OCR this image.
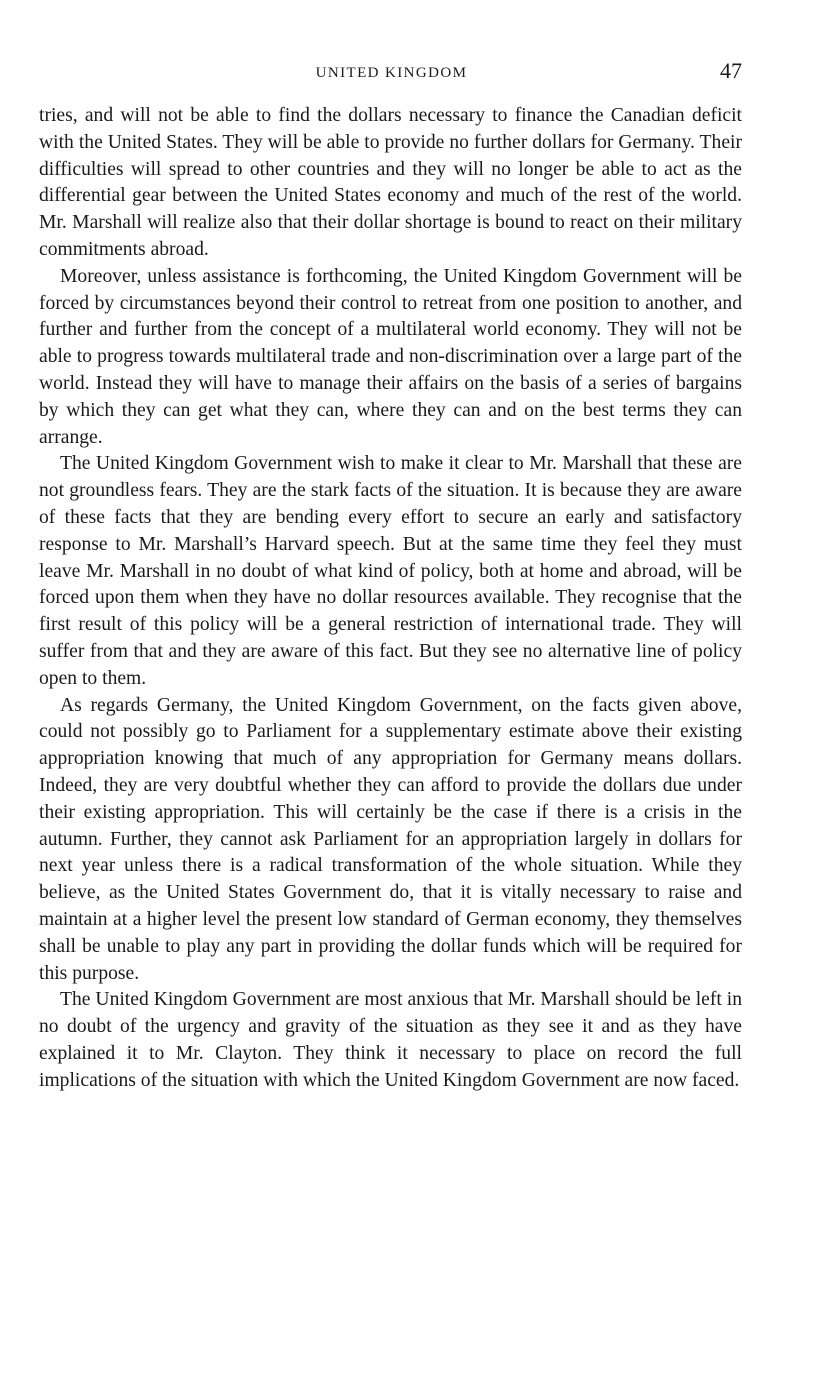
UNITED KINGDOM	47

tries, and will not be able to find the dollars necessary to finance the Canadian deficit with the United States. They will be able to provide no further dollars for Germany. Their difficulties will spread to other countries and they will no longer be able to act as the differential gear between the United States economy and much of the rest of the world. Mr. Marshall will realize also that their dollar shortage is bound to react on their military commitments abroad.

Moreover, unless assistance is forthcoming, the United Kingdom Government will be forced by circumstances beyond their control to retreat from one position to another, and further and further from the concept of a multilateral world economy. They will not be able to progress towards multilateral trade and non-discrimination over a large part of the world. Instead they will have to manage their affairs on the basis of a series of bargains by which they can get what they can, where they can and on the best terms they can arrange.

The United Kingdom Government wish to make it clear to Mr. Marshall that these are not groundless fears. They are the stark facts of the situation. It is because they are aware of these facts that they are bending every effort to secure an early and satisfactory response to Mr. Marshall’s Harvard speech. But at the same time they feel they must leave Mr. Marshall in no doubt of what kind of policy, both at home and abroad, will be forced upon them when they have no dollar resources available. They recognise that the first result of this policy will be a general restriction of international trade. They will suffer from that and they are aware of this fact. But they see no alternative line of policy open to them.

As regards Germany, the United Kingdom Government, on the facts given above, could not possibly go to Parliament for a supplementary estimate above their existing appropriation knowing that much of any appropriation for Germany means dollars. Indeed, they are very doubtful whether they can afford to provide the dollars due under their existing appropriation. This will certainly be the case if there is a crisis in the autumn. Further, they cannot ask Parliament for an appropriation largely in dollars for next year unless there is a radical transformation of the whole situation. While they believe, as the United States Government do, that it is vitally necessary to raise and maintain at a higher level the present low standard of German economy, they themselves shall be unable to play any part in providing the dollar funds which will be required for this purpose.

The United Kingdom Government are most anxious that Mr. Marshall should be left in no doubt of the urgency and gravity of the situation as they see it and as they have explained it to Mr. Clayton. They think it necessary to place on record the full implications of the situation with which the United Kingdom Government are now faced.
